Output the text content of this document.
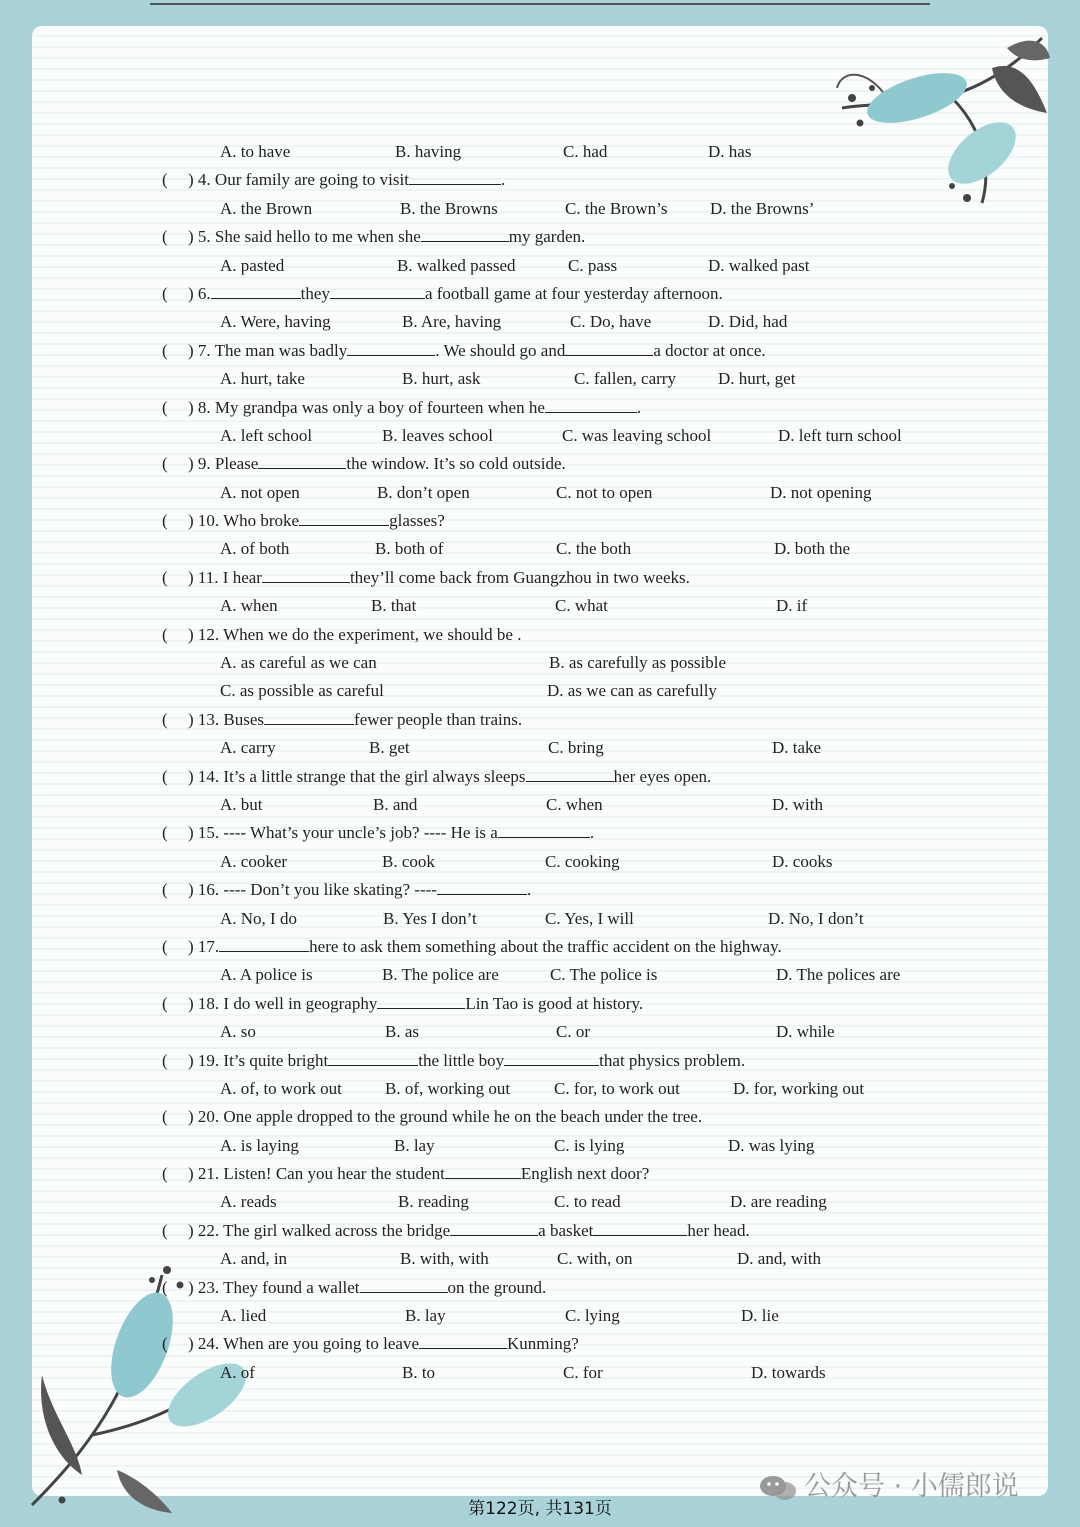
A. to have	B. having	C. had	D. has
( ) 4. Our family are going to visit	.
A. the Brown	B. the Browns	C. the Brown’s	D. the Browns’
( ) 5. She said hello to me when she	my garden.
A. pasted	B. walked passed	C. pass	D. walked past
( ) 6.	they	a football game at four yesterday afternoon.
A. Were, having	B. Are, having	C. Do, have	D. Did, had
( ) 7. The man was badly	. We should go and	a doctor at once.
A. hurt, take	B. hurt, ask	C. fallen, carry D. hurt, get
( ) 8. My grandpa was only a boy of fourteen when he	.
A. left school	B. leaves school	C. was leaving school	D. left turn school
( ) 9. Please	the window. It’s so cold outside.
A. not open	B. don’t open	C. not to open	D. not opening
( ) 10. Who broke	glasses?
A. of both	B. both of	C. the both	D. both the
( ) 11. I hear	they’ll come back from Guangzhou in two weeks.
A. when	B. that	C. what	D. if
( ) 12. When we do the experiment, we should be .
A. as careful as we can	B. as carefully as possible
C. as possible as careful	D. as we can as carefully
( ) 13. Buses	fewer people than trains.
A. carry	B. get	C. bring	D. take
( ) 14. It’s a little strange that the girl always sleeps	her eyes open.
A. but	B. and	C. when	D. with
( ) 15. ---- What’s your uncle’s job? ---- He is a	.
A. cooker	B. cook	C. cooking	D. cooks
( ) 16. ---- Don’t you like skating? ----	.
A. No, I do	B. Yes I don’t	C. Yes, I will	D. No, I don’t
( ) 17.	here to ask them something about the traffic accident on the highway.
A. A police is	B. The police are	C. The police is	D. The polices are
( ) 18. I do well in geography	Lin Tao is good at history.
A. so	B. as	C. or	D. while
( ) 19. It’s quite bright	the little boy	that physics problem.
A. of, to work out	B. of, working out	C. for, to work out	D. for, working out
( ) 20. One apple dropped to the ground while he on the beach under the tree.
A. is laying	B. lay	C. is lying	D. was lying
( ) 21. Listen! Can you hear the student	English next door?
A. reads	B. reading	C. to read	D. are reading
( ) 22. The girl walked across the bridge	a basket	her head.
A. and, in	B. with, with	C. with, on	D. and, with
( ) 23. They found a wallet	on the ground.
A. lied	B. lay	C. lying	D. lie
( ) 24. When are you going to leave	Kunming?
A. of	B. to	C. for	D. towards
第122页, 共131页
公众号 · 小儒郎说
